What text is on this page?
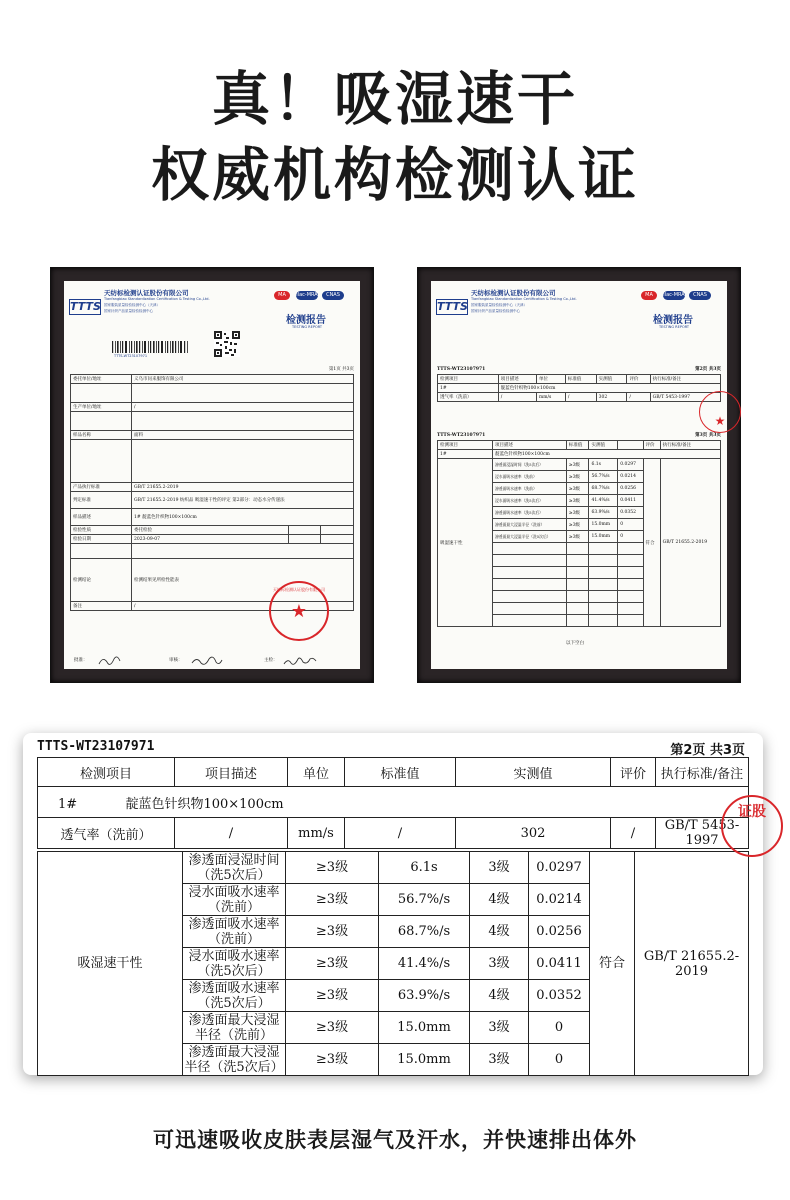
真！吸湿速干
权威机构检测认证
TTTS
天纺标检测认证股份有限公司
Tianfangbiao Standardization Certification & Testing Co.,Ltd.
国家服装质量检验检测中心（天津）
国家针织产品质量检验检测中心
MA	ilac-MRA	CNAS
检测报告
TESTING REPORT
TTTS-WT23107971
第1页 共3页
委托单位/地址	义乌市问来服饰有限公司		

生产单位/地址	/		

样品名称	面料		

产品执行标准	GB/T 21655.2-2019		
判定标准	GB/T 21655.2-2019 纺织品 吸湿速干性的评定 第2部分：动态水分传递法		
样品描述	1# 靛蓝色针织物100×100cm		
检验性质	委托检验		
检验日期	2023-09-07		

检测结论	检测结果见所检性能表		
备注	/		
天纺标检测认证股份有限公司
★
批准：	审核：	主检：
TTTS
天纺标检测认证股份有限公司
Tianfangbiao Standardization Certification & Testing Co.,Ltd.
国家服装质量检验检测中心（天津）
国家针织产品质量检验检测中心
MA	ilac-MRA	CNAS
检测报告
TESTING REPORT
TTTS-WT23107971	第2页 共3页
检测项目	项目描述	单位	标准值	实测值	评价	执行标准/备注
1#	靛蓝色针织物100×100cm					
透气率（洗前）	/	mm/s	/	302	/	GB/T 5453-1997
TTTS-WT23107971	第3页 共3页
检测项目	项目描述	标准值	实测值		评价	执行标准/备注
1#	靛蓝色针织物100×100cm					
吸湿速干性	渗透面浸湿时间（洗5次后）	≥3级	6.1s	0.0297	符合	GB/T 21655.2-2019
	浸水面吸水速率（洗前）	≥3级	56.7%/s	0.0214		
	渗透面吸水速率（洗前）	≥3级	68.7%/s	0.0256		
	浸水面吸水速率（洗5次后）	≥3级	41.4%/s	0.0411		
	渗透面吸水速率（洗5次后）	≥3级	63.9%/s	0.0352		
	渗透面最大浸湿半径（洗前）	≥3级	15.0mm	0		
	渗透面最大浸湿半径（洗5次后）	≥3级	15.0mm	0		

以下空白
★
TTTS-WT23107971	第2页 共3页
检测项目	项目描述	单位	标准值	实测值	评价	执行标准/备注
1# 靛蓝色针织物100×100cm						
透气率（洗前）	/	mm/s	/	302	/	GB/T 5453-1997
吸湿速干性	渗透面浸湿时间（洗5次后）	≥3级	6.1s	3级	0.0297	符合	GB/T 21655.2-2019
	浸水面吸水速率（洗前）	≥3级	56.7%/s	4级	0.0214		
	渗透面吸水速率（洗前）	≥3级	68.7%/s	4级	0.0256		
	浸水面吸水速率（洗5次后）	≥3级	41.4%/s	3级	0.0411		
	渗透面吸水速率（洗5次后）	≥3级	63.9%/s	4级	0.0352		
	渗透面最大浸湿半径（洗前）	≥3级	15.0mm	3级	0		
	渗透面最大浸湿半径（洗5次后）	≥3级	15.0mm	3级	0		
证股
可迅速吸收皮肤表层湿气及汗水，并快速排出体外
